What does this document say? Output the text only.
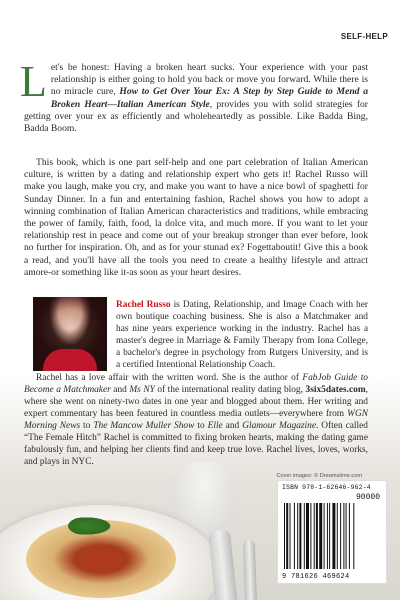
SELF-HELP
Let's be honest: Having a broken heart sucks. Your experience with your past relationship is either going to hold you back or move you forward. While there is no miracle cure, How to Get Over Your Ex: A Step by Step Guide to Mend a Broken Heart—Italian American Style, provides you with solid strategies for getting over your ex as efficiently and wholeheartedly as possible. Like Badda Bing, Badda Boom.
This book, which is one part self-help and one part celebration of Italian American culture, is written by a dating and relationship expert who gets it! Rachel Russo will make you laugh, make you cry, and make you want to have a nice bowl of spaghetti for Sunday Dinner. In a fun and entertaining fashion, Rachel shows you how to adopt a winning combination of Italian American characteristics and traditions, while embracing the power of family, faith, food, la dolce vita, and much more. If you want to let your relationship rest in peace and come out of your breakup stronger than ever before, look no further for inspiration. Oh, and as for your stunad ex? Fogettaboutit! Give this a book a read, and you'll have all the tools you need to create a healthy lifestyle and attract amore-or something like it-as soon as your heart desires.
Rachel Russo is Dating, Relationship, and Image Coach with her own boutique coaching business. She is also a Matchmaker and has nine years experience working in the industry. Rachel has a master's degree in Marriage & Family Therapy from Iona College, a bachelor's degree in psychology from Rutgers University, and is a certified Intentional Relationship Coach.
Rachel has a love affair with the written word. She is the author of FabJob Guide to Become a Matchmaker and Ms NY of the international reality dating blog, 3six5dates.com, where she went on ninety-two dates in one year and blogged about them. Her writing and expert commentary has been featured in countless media outlets—everywhere from WGN Morning News to The Mancow Muller Show to Elle and Glamour Magazine. Often called “The Female Hitch” Rachel is committed to fixing broken hearts, making the dating game fabulously fun, and helping her clients find and keep true love. Rachel lives, loves, works, and plays in NYC.
Cover images: © Dreamstime.com
ISBN 978-1-62646-962-4
90000
9 781626 469624
